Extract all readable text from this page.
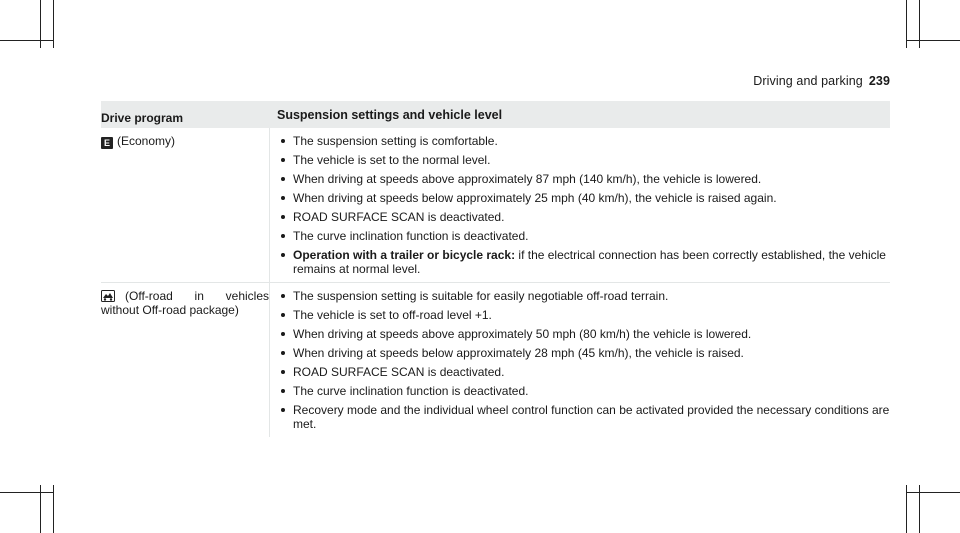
Driving and parking 239
Drive program	Suspension settings and vehicle level
E (Economy)	The suspension setting is comfortable.
The vehicle is set to the normal level.
When driving at speeds above approximately 87 mph (140 km/h), the vehicle is lowered.
When driving at speeds below approximately 25 mph (40 km/h), the vehicle is raised again.
ROAD SURFACE SCAN is deactivated.
The curve inclination function is deactivated.
Operation with a trailer or bicycle rack: if the electrical connection has been correctly established, the vehicle remains at normal level.
(Off-road in vehicles
without Off-road package)
The suspension setting is suitable for easily negotiable off-road terrain.
The vehicle is set to off-road level +1.
When driving at speeds above approximately 50 mph (80 km/h) the vehicle is lowered.
When driving at speeds below approximately 28 mph (45 km/h), the vehicle is raised.
ROAD SURFACE SCAN is deactivated.
The curve inclination function is deactivated.
Recovery mode and the individual wheel control function can be activated provided the necessary conditions are met.
